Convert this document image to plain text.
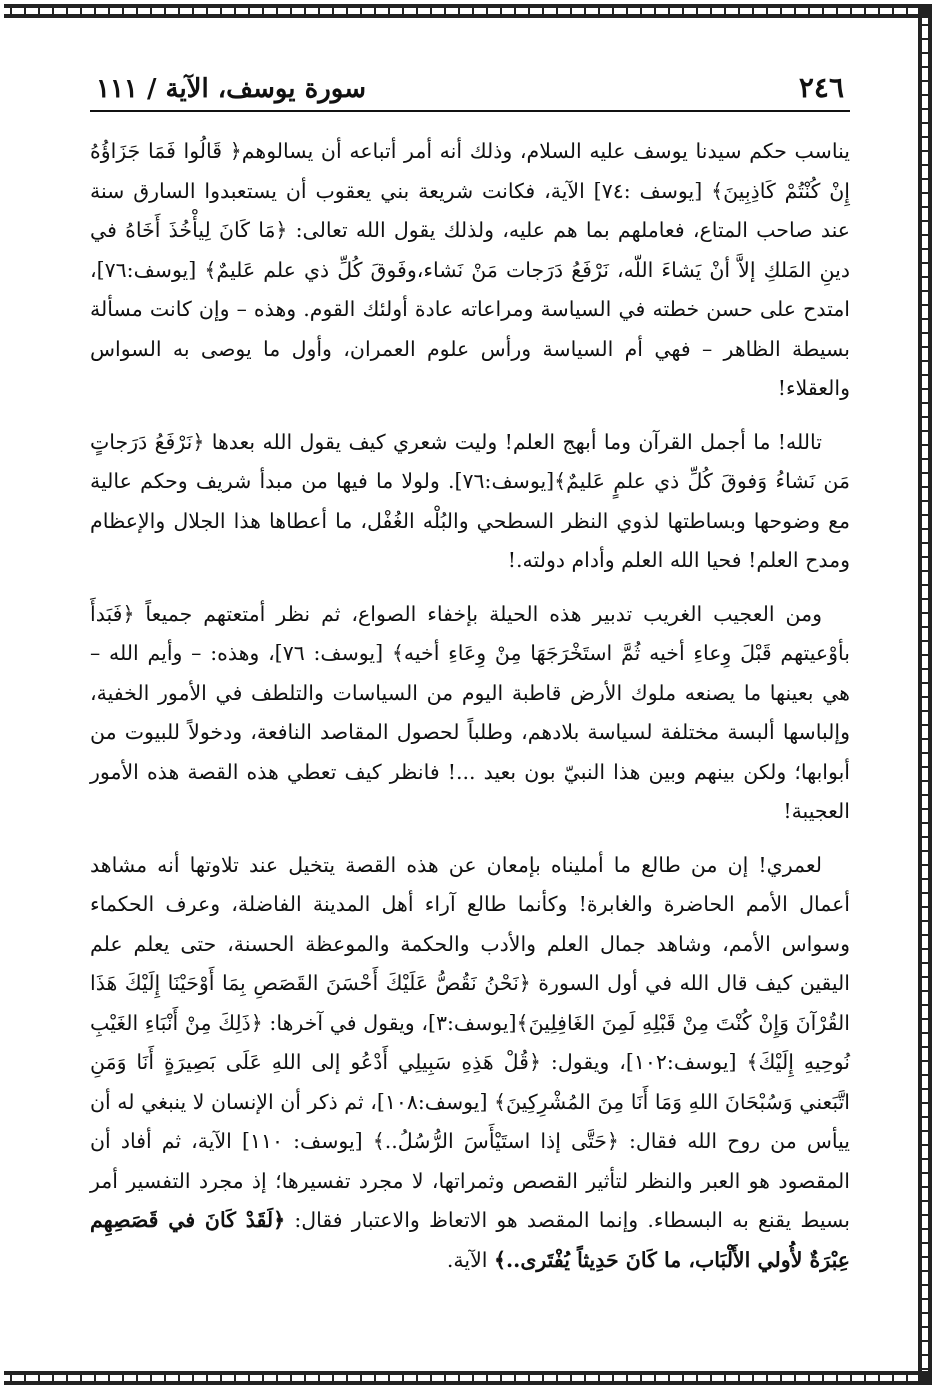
٢٤٦
سورة يوسف، الآية / ١١١

يناسب حكم سيدنا يوسف عليه السلام، وذلك أنه أمر أتباعه أن يسالوهم﴿ قَالُوا فَمَا جَزَاؤُهُ إِنْ كُنْتُمْ كَاذِبِينَ﴾ [يوسف :٧٤] الآية، فكانت شريعة بني يعقوب أن يستعبدوا السارق سنة عند صاحب المتاع، فعاملهم بما هم عليه، ولذلك يقول الله تعالى: ﴿مَا كَانَ لِيأْخُذَ أَخَاهُ في دينِ المَلكِ إلاَّ أنْ يَشاءَ اللّه، نَرْفَعُ دَرَجات مَنْ نَشاء،وفَوقَ كُلِّ ذي علم عَليمٌ﴾ [يوسف:٧٦]، امتدح على حسن خطته في السياسة ومراعاته عادة أولئك القوم. وهذه – وإن كانت مسألة بسيطة الظاهر – فهي أم السياسة ورأس علوم العمران، وأول ما يوصى به السواس والعقلاء!

تالله! ما أجمل القرآن وما أبهج العلم! وليت شعري كيف يقول الله بعدها ﴿نَرْفَعُ دَرَجاتٍ مَن نَشاءُ وَفوقَ كُلِّ ذي علمٍ عَليمٌ﴾[يوسف:٧٦]. ولولا ما فيها من مبدأ شريف وحكم عالية مع وضوحها وبساطتها لذوي النظر السطحي والبُلْه الغُفْل، ما أعطاها هذا الجلال والإعظام ومدح العلم! فحيا الله العلم وأدام دولته.!

ومن العجيب الغريب تدبير هذه الحيلة بإخفاء الصواع، ثم نظر أمتعتهم جميعاً ﴿فَبَدأَ بأوْعيتهم قَبْلَ وِعاءِ أخيه ثُمَّ استَخْرَجَهَا مِنْ وِعَاءِ أخيه﴾ [يوسف: ٧٦]، وهذه: – وأيم الله – هي بعينها ما يصنعه ملوك الأرض قاطبة اليوم من السياسات والتلطف في الأمور الخفية، وإلباسها ألبسة مختلفة لسياسة بلادهم، وطلباً لحصول المقاصد النافعة، ودخولاً للبيوت من أبوابها؛ ولكن بينهم وبين هذا النبيّ بون بعيد ...! فانظر كيف تعطي هذه القصة هذه الأمور العجيبة!

لعمري! إن من طالع ما أمليناه بإمعان عن هذه القصة يتخيل عند تلاوتها أنه مشاهد أعمال الأمم الحاضرة والغابرة! وكأنما طالع آراء أهل المدينة الفاضلة، وعرف الحكماء وسواس الأمم، وشاهد جمال العلم والأدب والحكمة والموعظة الحسنة، حتى يعلم علم اليقين كيف قال الله في أول السورة ﴿نَحْنُ نَقُصُّ عَلَيْكَ أَحْسَنَ القَصَصِ بِمَا أَوْحَيْنَا إِلَيْكَ هَذَا القُرْآنَ وَإِنْ كُنْتَ مِنْ قَبْلِهِ لَمِنَ الغَافِلِينَ﴾[يوسف:٣]، ويقول في آخرها: ﴿ذَلِكَ مِنْ أَنْبَاءِ الغَيْبِ نُوحِيهِ إِلَيْكَ﴾ [يوسف:١٠٢]، ويقول: ﴿قُلْ هَذِهِ سَبِيلِي أَدْعُو إلى اللهِ عَلَى بَصِيرَةٍ أَنَا وَمَنِ اتَّبَعني وَسُبْحَانَ اللهِ وَمَا أَنَا مِنَ المُشْرِكِينَ﴾ [يوسف:١٠٨]، ثم ذكر أن الإنسان لا ينبغي له أن ييأس من روح الله فقال: ﴿حَتَّى إذا استَيْأَسَ الرُّسُلُ..﴾ [يوسف: ١١٠] الآية، ثم أفاد أن المقصود هو العبر والنظر لتأثير القصص وثمراتها، لا مجرد تفسيرها؛ إذ مجرد التفسير أمر بسيط يقنع به البسطاء. وإنما المقصد هو الاتعاظ والاعتبار فقال: ﴿لَقَدْ كَانَ في قَصَصِهِم عِبْرَةٌ لأُولي الأَلْبَاب، ما كَانَ حَدِيثاً يُفْتَرى..﴾ الآية.
